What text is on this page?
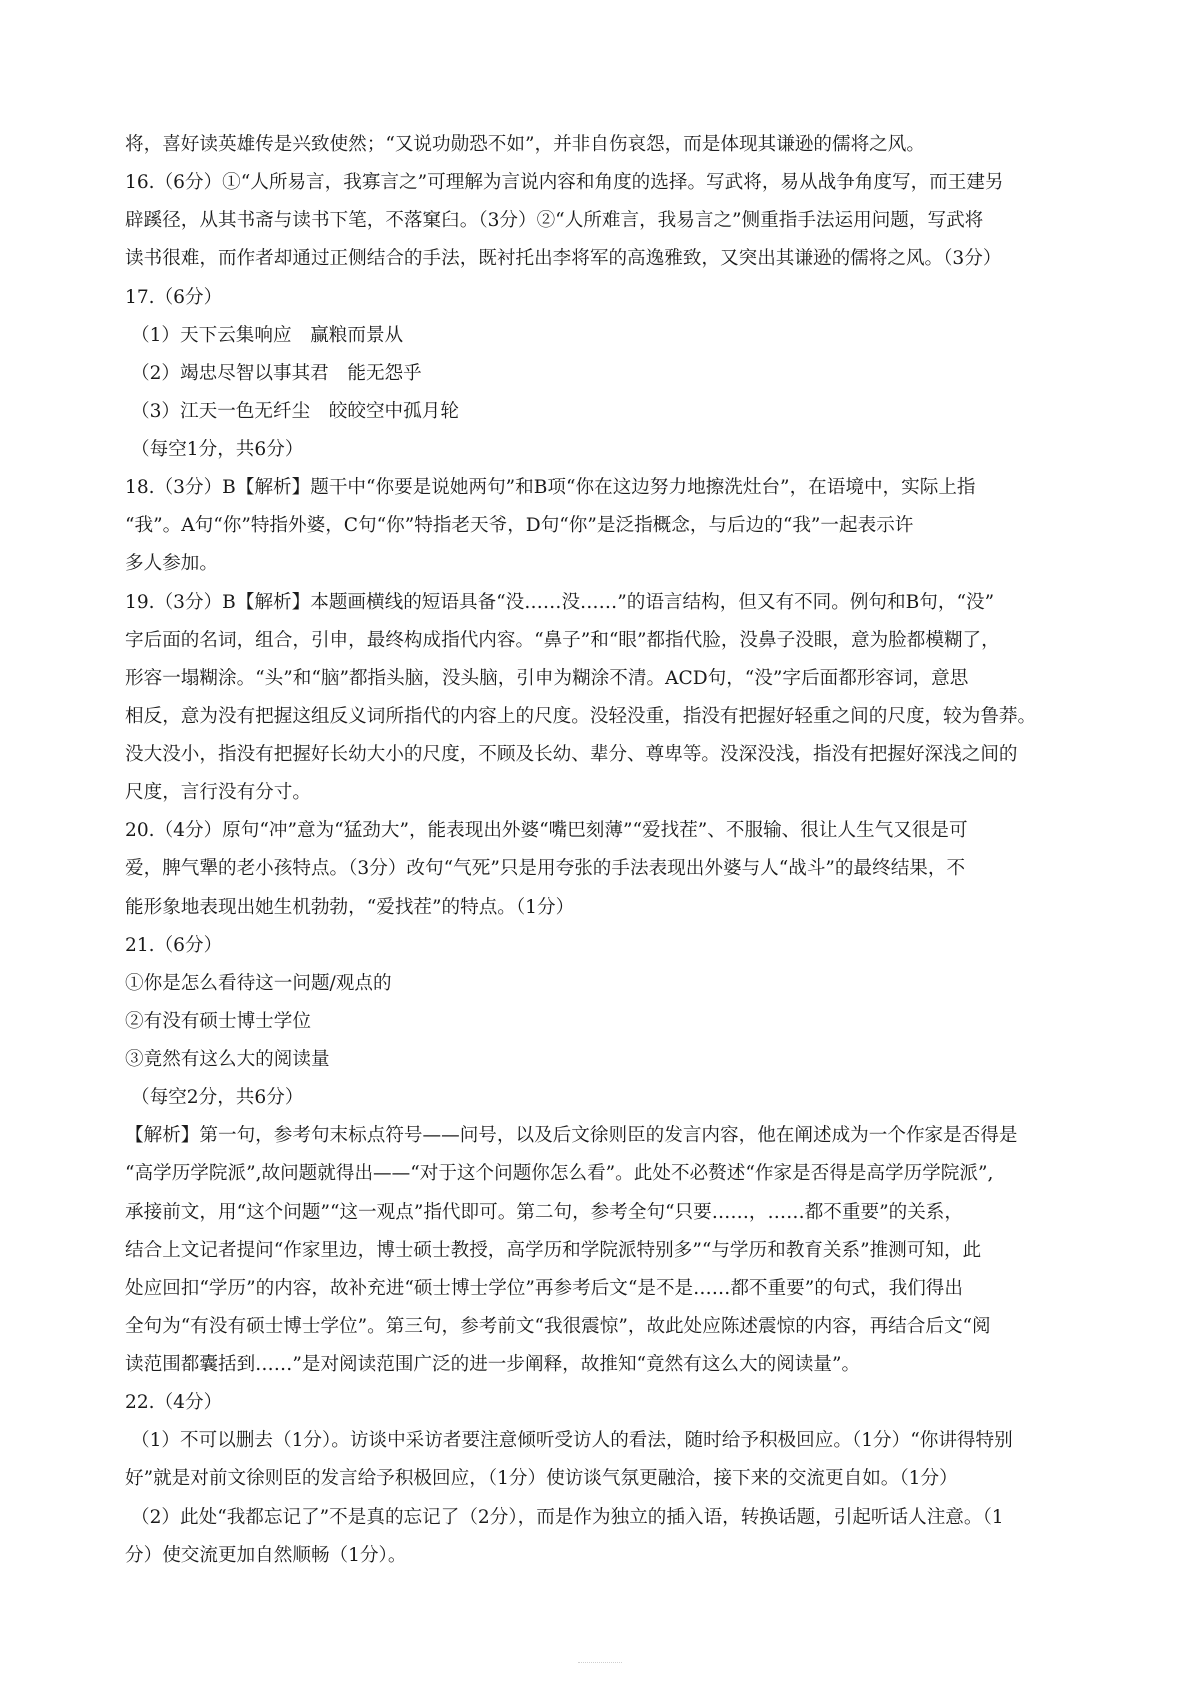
将，喜好读英雄传是兴致使然；“又说功勋恐不如”，并非自伤哀怨，而是体现其谦逊的儒将之风。
16.（6分）①“人所易言，我寡言之”可理解为言说内容和角度的选择。写武将，易从战争角度写，而王建另
辟蹊径，从其书斋与读书下笔，不落窠臼。（3分）②“人所难言，我易言之”侧重指手法运用问题，写武将
读书很难，而作者却通过正侧结合的手法，既衬托出李将军的高逸雅致，又突出其谦逊的儒将之风。（3分）
17.（6分）
（1）天下云集响应　赢粮而景从
（2）竭忠尽智以事其君　能无怨乎
（3）江天一色无纤尘　皎皎空中孤月轮
（每空1分，共6分）
18.（3分）B【解析】题干中“你要是说她两句”和B项“你在这边努力地擦洗灶台”，在语境中，实际上指
“我”。A句“你”特指外婆，C句“你”特指老天爷，D句“你”是泛指概念，与后边的“我”一起表示许
多人参加。
19.（3分）B【解析】本题画横线的短语具备“没……没……”的语言结构，但又有不同。例句和B句，“没”
字后面的名词，组合，引申，最终构成指代内容。“鼻子”和“眼”都指代脸，没鼻子没眼，意为脸都模糊了，
形容一塌糊涂。“头”和“脑”都指头脑，没头脑，引申为糊涂不清。ACD句，“没”字后面都形容词，意思
相反，意为没有把握这组反义词所指代的内容上的尺度。没轻没重，指没有把握好轻重之间的尺度，较为鲁莽。
没大没小，指没有把握好长幼大小的尺度，不顾及长幼、辈分、尊卑等。没深没浅，指没有把握好深浅之间的
尺度，言行没有分寸。
20.（4分）原句“冲”意为“猛劲大”，能表现出外婆“嘴巴刻薄”“爱找茬”、不服输、很让人生气又很是可
爱，脾气犟的老小孩特点。（3分）改句“气死”只是用夸张的手法表现出外婆与人“战斗”的最终结果，不
能形象地表现出她生机勃勃，“爱找茬”的特点。（1分）
21.（6分）
①你是怎么看待这一问题/观点的
②有没有硕士博士学位
③竟然有这么大的阅读量
（每空2分，共6分）
【解析】第一句，参考句末标点符号——问号，以及后文徐则臣的发言内容，他在阐述成为一个作家是否得是
“高学历学院派”,故问题就得出——“对于这个问题你怎么看”。此处不必赘述“作家是否得是高学历学院派”,
承接前文，用“这个问题”“这一观点”指代即可。第二句，参考全句“只要……，……都不重要”的关系，
结合上文记者提问“作家里边，博士硕士教授，高学历和学院派特别多”“与学历和教育关系”推测可知，此
处应回扣“学历”的内容，故补充进“硕士博士学位”再参考后文“是不是……都不重要”的句式，我们得出
全句为“有没有硕士博士学位”。第三句，参考前文“我很震惊”，故此处应陈述震惊的内容，再结合后文“阅
读范围都囊括到……”是对阅读范围广泛的进一步阐释，故推知“竟然有这么大的阅读量”。
22.（4分）
（1）不可以删去（1分）。访谈中采访者要注意倾听受访人的看法，随时给予积极回应。（1分）“你讲得特别
好”就是对前文徐则臣的发言给予积极回应，（1分）使访谈气氛更融洽，接下来的交流更自如。（1分）
（2）此处“我都忘记了”不是真的忘记了（2分），而是作为独立的插入语，转换话题，引起听话人注意。（1
分）使交流更加自然顺畅（1分）。
